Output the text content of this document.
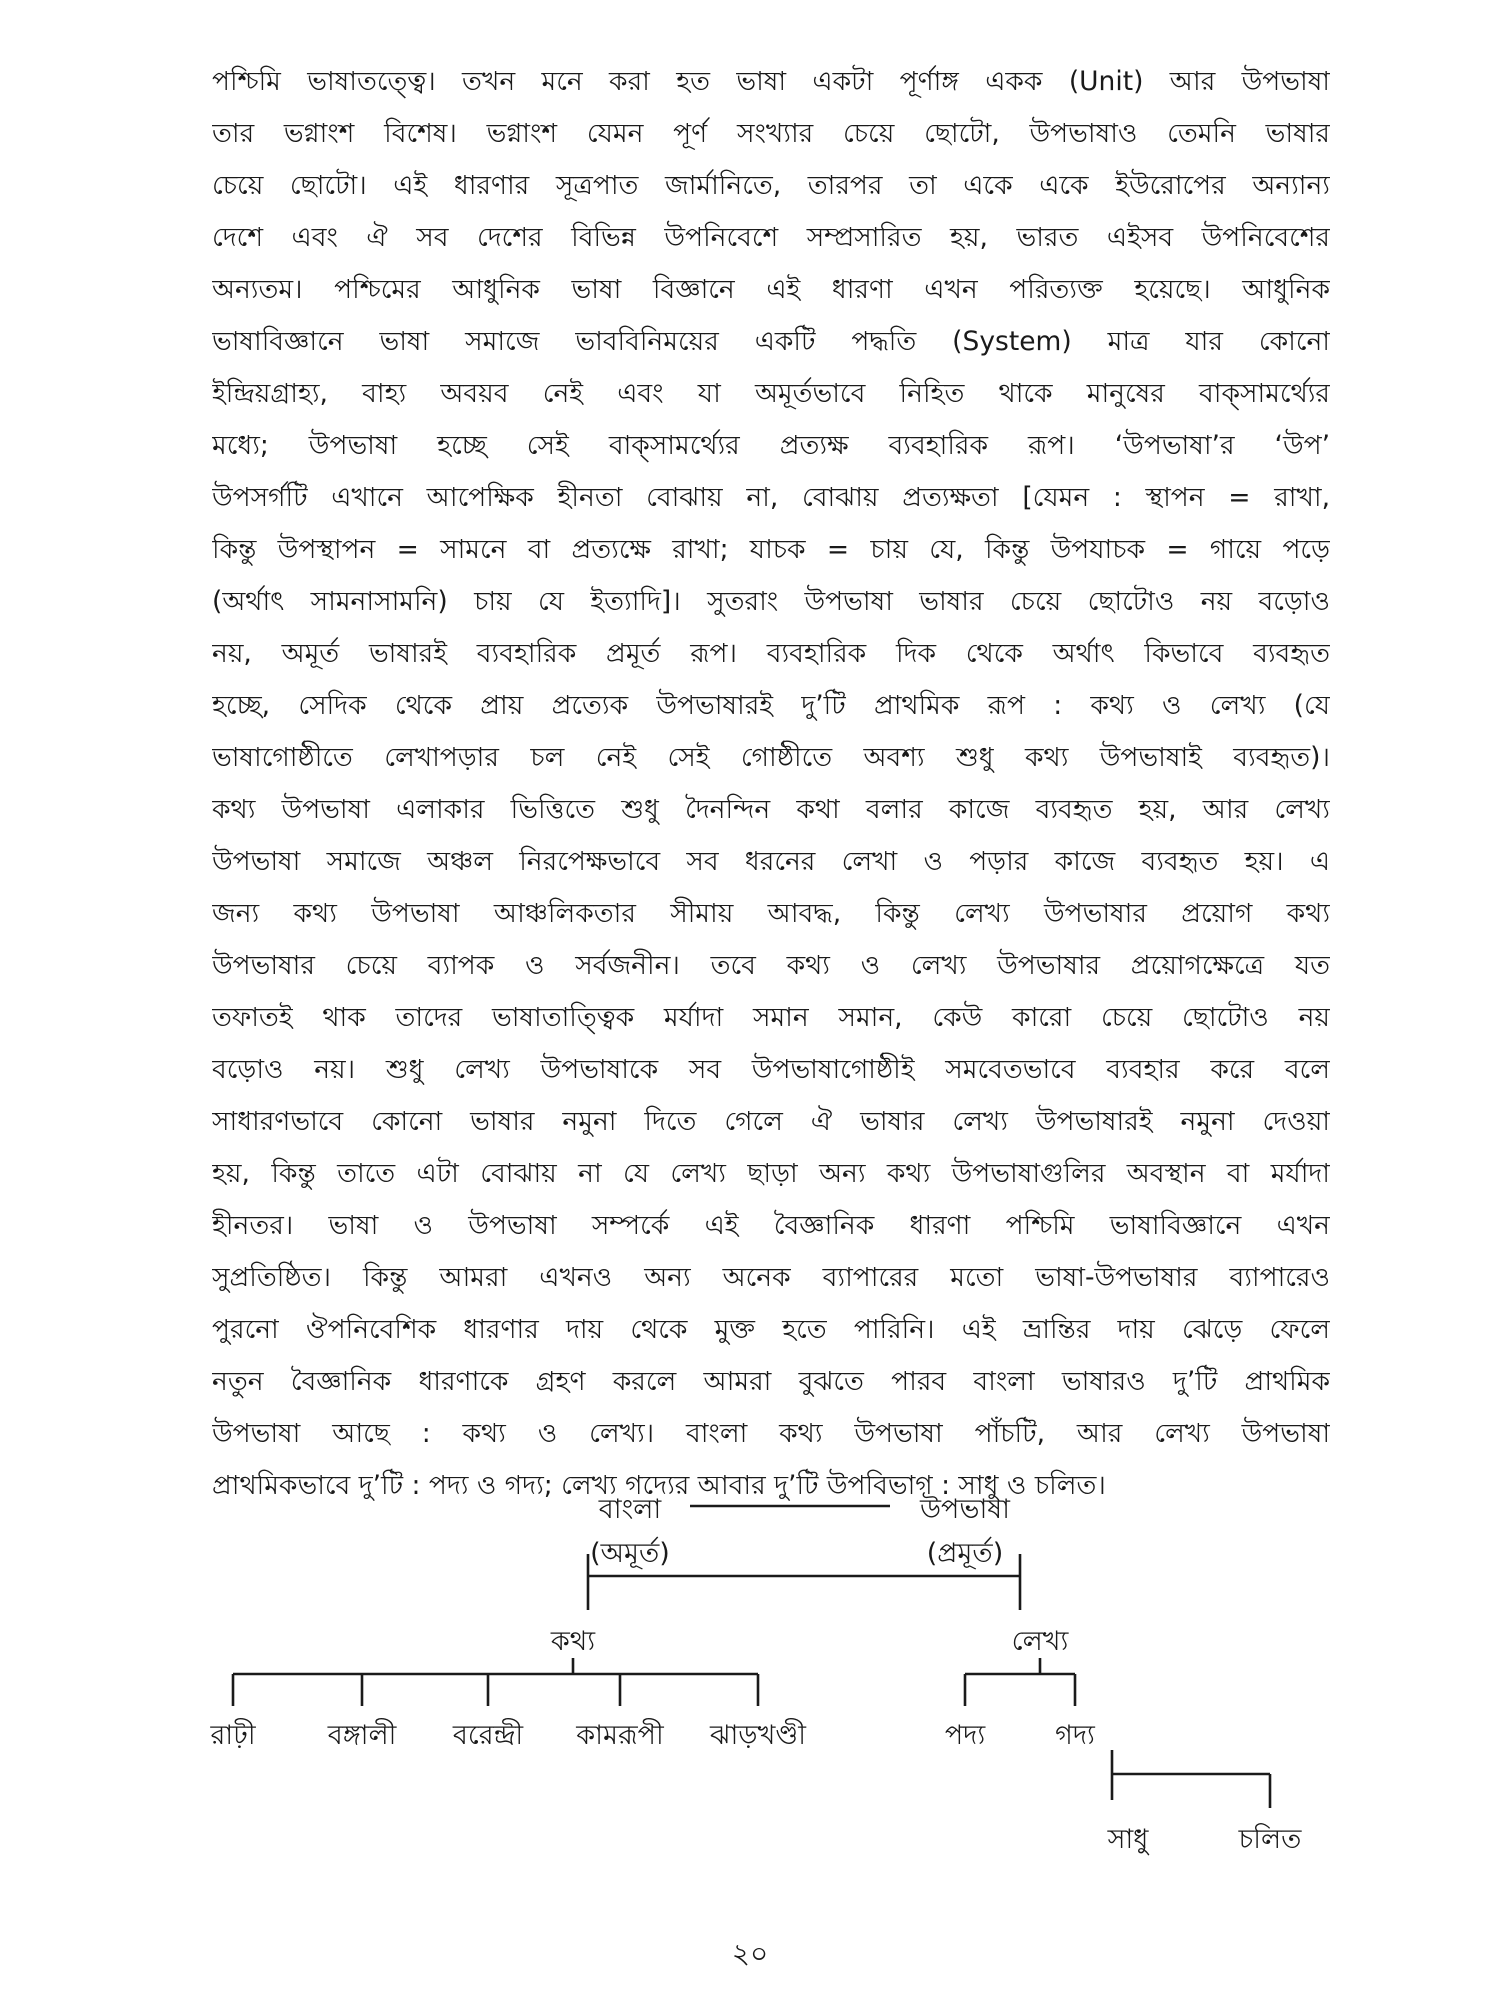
পশ্চিমি ভাষাতত্ত্বে। তখন মনে করা হত ভাষা একটা পূর্ণাঙ্গ একক (Unit) আর উপভাষা
তার ভগ্নাংশ বিশেষ। ভগ্নাংশ যেমন পূর্ণ সংখ্যার চেয়ে ছোটো, উপভাষাও তেমনি ভাষার
চেয়ে ছোটো। এই ধারণার সূত্রপাত জার্মানিতে, তারপর তা একে একে ইউরোপের অন্যান্য
দেশে এবং ঐ সব দেশের বিভিন্ন উপনিবেশে সম্প্রসারিত হয়, ভারত এইসব উপনিবেশের
অন্যতম। পশ্চিমের আধুনিক ভাষা বিজ্ঞানে এই ধারণা এখন পরিত্যক্ত হয়েছে। আধুনিক
ভাষাবিজ্ঞানে ভাষা সমাজে ভাববিনিময়ের একটি পদ্ধতি (System) মাত্র যার কোনো
ইন্দ্রিয়গ্রাহ্য, বাহ্য অবয়ব নেই এবং যা অমূর্তভাবে নিহিত থাকে মানুষের বাক্‌সামর্থ্যের
মধ্যে; উপভাষা হচ্ছে সেই বাক্‌সামর্থ্যের প্রত্যক্ষ ব্যবহারিক রূপ। ‘উপভাষা’র ‘উপ’
উপসর্গটি এখানে আপেক্ষিক হীনতা বোঝায় না, বোঝায় প্রত্যক্ষতা [যেমন : স্থাপন = রাখা,
কিন্তু উপস্থাপন = সামনে বা প্রত্যক্ষে রাখা; যাচক = চায় যে, কিন্তু উপযাচক = গায়ে পড়ে
(অর্থাৎ সামনাসামনি) চায় যে ইত্যাদি]। সুতরাং উপভাষা ভাষার চেয়ে ছোটোও নয় বড়োও
নয়, অমূর্ত ভাষারই ব্যবহারিক প্রমূর্ত রূপ। ব্যবহারিক দিক থেকে অর্থাৎ কিভাবে ব্যবহৃত
হচ্ছে, সেদিক থেকে প্রায় প্রত্যেক উপভাষারই দু’টি প্রাথমিক রূপ : কথ্য ও লেখ্য (যে
ভাষাগোষ্ঠীতে লেখাপড়ার চল নেই সেই গোষ্ঠীতে অবশ্য শুধু কথ্য উপভাষাই ব্যবহৃত)।
কথ্য উপভাষা এলাকার ভিত্তিতে শুধু দৈনন্দিন কথা বলার কাজে ব্যবহৃত হয়, আর লেখ্য
উপভাষা সমাজে অঞ্চল নিরপেক্ষভাবে সব ধরনের লেখা ও পড়ার কাজে ব্যবহৃত হয়। এ
জন্য কথ্য উপভাষা আঞ্চলিকতার সীমায় আবদ্ধ, কিন্তু লেখ্য উপভাষার প্রয়োগ কথ্য
উপভাষার চেয়ে ব্যাপক ও সর্বজনীন। তবে কথ্য ও লেখ্য উপভাষার প্রয়োগক্ষেত্রে যত
তফাতই থাক তাদের ভাষাতাত্ত্বিক মর্যাদা সমান সমান, কেউ কারো চেয়ে ছোটোও নয়
বড়োও নয়। শুধু লেখ্য উপভাষাকে সব উপভাষাগোষ্ঠীই সমবেতভাবে ব্যবহার করে বলে
সাধারণভাবে কোনো ভাষার নমুনা দিতে গেলে ঐ ভাষার লেখ্য উপভাষারই নমুনা দেওয়া
হয়, কিন্তু তাতে এটা বোঝায় না যে লেখ্য ছাড়া অন্য কথ্য উপভাষাগুলির অবস্থান বা মর্যাদা
হীনতর। ভাষা ও উপভাষা সম্পর্কে এই বৈজ্ঞানিক ধারণা পশ্চিমি ভাষাবিজ্ঞানে এখন
সুপ্রতিষ্ঠিত। কিন্তু আমরা এখনও অন্য অনেক ব্যাপারের মতো ভাষা-উপভাষার ব্যাপারেও
পুরনো ঔপনিবেশিক ধারণার দায় থেকে মুক্ত হতে পারিনি। এই ভ্রান্তির দায় ঝেড়ে ফেলে
নতুন বৈজ্ঞানিক ধারণাকে গ্রহণ করলে আমরা বুঝতে পারব বাংলা ভাষারও দু’টি প্রাথমিক
উপভাষা আছে : কথ্য ও লেখ্য। বাংলা কথ্য উপভাষা পাঁচটি, আর লেখ্য উপভাষা
প্রাথমিকভাবে দু’টি : পদ্য ও গদ্য; লেখ্য গদ্যের আবার দু’টি উপবিভাগ : সাধু ও চলিত।
বাংলা	উপভাষা
(অমূর্ত)	(প্রমূর্ত)
কথ্য	লেখ্য
রাঢ়ী	বঙ্গালী বরেন্দ্রী কামরূপী ঝাড়খণ্ডী	পদ্য	গদ্য
সাধু	চলিত
২০
